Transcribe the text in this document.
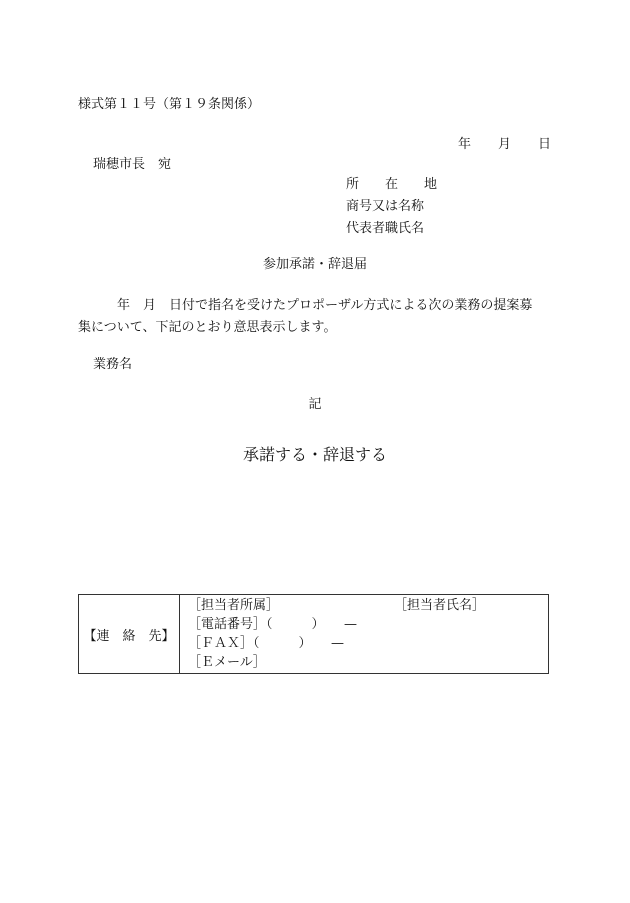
様式第１１号（第１９条関係）
年 月 日
瑞穂市長　宛
所　　在　　地
商号又は名称
代表者職氏名
参加承諾・辞退届
年　月　日付で指名を受けたプロポーザル方式による次の業務の提案募
集について、下記のとおり意思表示します。
業務名
記
承諾する・辞退する
【連　絡　先】	
［担当者所属］	［担当者氏名］
［電話番号］（　　　）　　—
［ＦＡＸ］（　　　）　　—
［Ｅメール］
